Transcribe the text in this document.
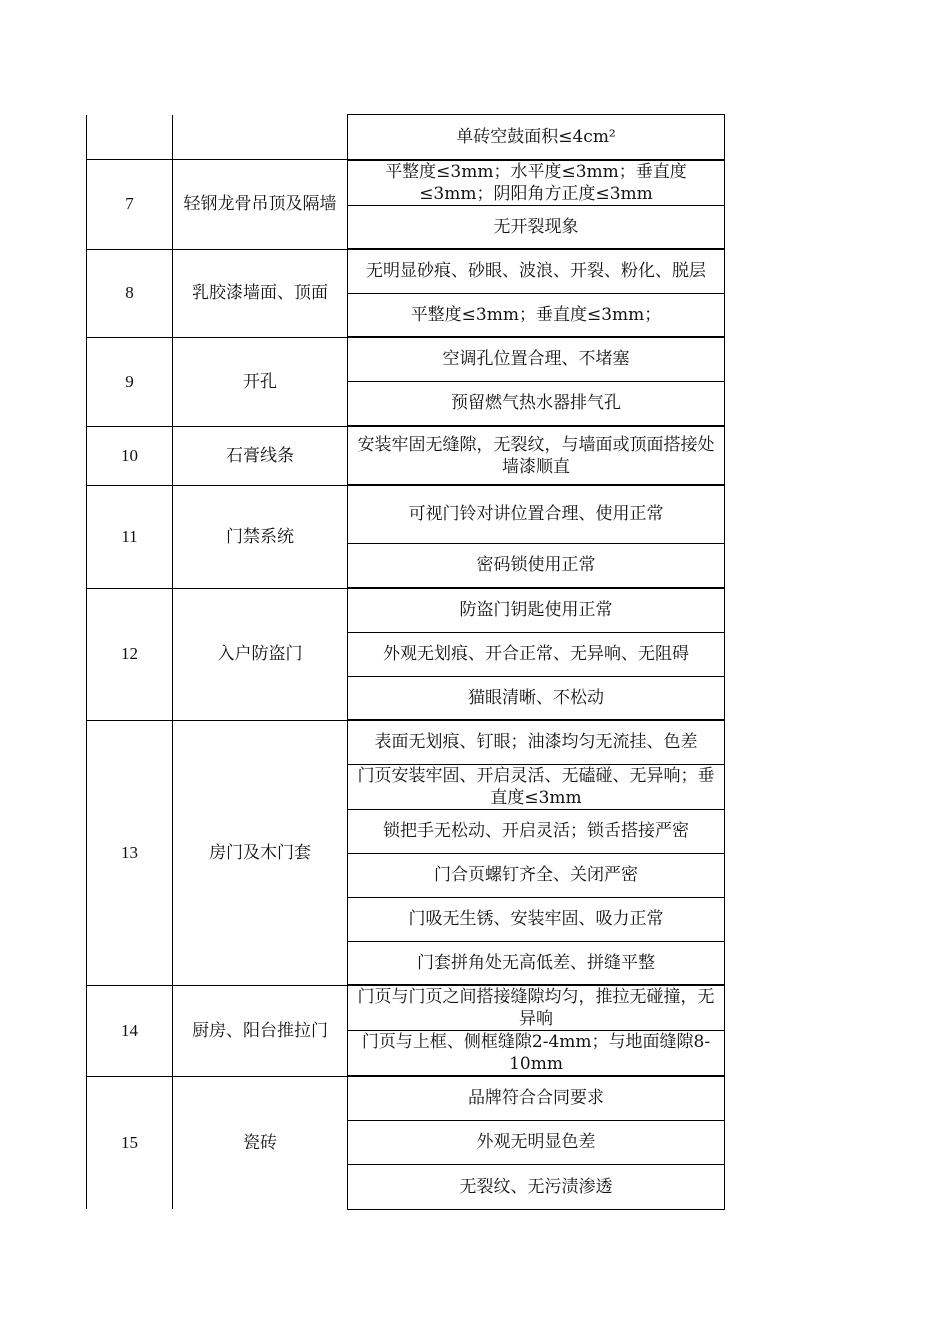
		单砖空鼓面积≤4cm²
7	轻钢龙骨吊顶及隔墙	平整度≤3mm；水平度≤3mm；垂直度≤3mm；阴阳角方正度≤3mm
		无开裂现象
8	乳胶漆墙面、顶面	无明显砂痕、砂眼、波浪、开裂、粉化、脱层
		平整度≤3mm；垂直度≤3mm；
9	开孔	空调孔位置合理、不堵塞
		预留燃气热水器排气孔
10	石膏线条	安装牢固无缝隙，无裂纹，与墙面或顶面搭接处墙漆顺直
11	门禁系统	可视门铃对讲位置合理、使用正常
		密码锁使用正常
12	入户防盗门	防盗门钥匙使用正常
		外观无划痕、开合正常、无异响、无阻碍
		猫眼清晰、不松动
13	房门及木门套	表面无划痕、钉眼；油漆均匀无流挂、色差
		门页安装牢固、开启灵活、无磕碰、无异响；垂直度≤3mm
		锁把手无松动、开启灵活；锁舌搭接严密
		门合页螺钉齐全、关闭严密
		门吸无生锈、安装牢固、吸力正常
		门套拼角处无高低差、拼缝平整
14	厨房、阳台推拉门	门页与门页之间搭接缝隙均匀，推拉无碰撞，无异响
		门页与上框、侧框缝隙2-4mm；与地面缝隙8-10mm
15	瓷砖	品牌符合合同要求
		外观无明显色差
		无裂纹、无污渍渗透
